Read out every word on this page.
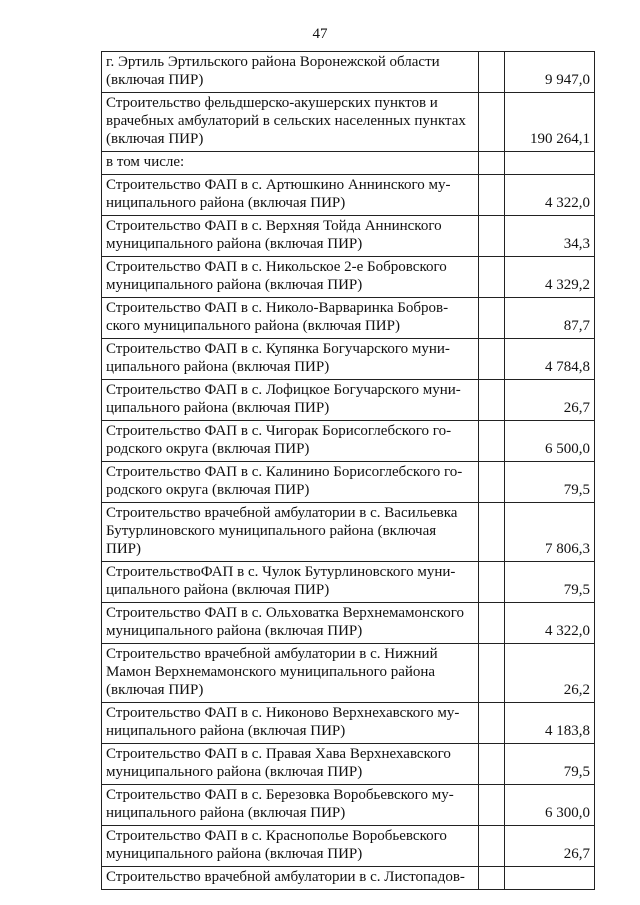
47
г. Эртиль Эртильского района Воронежской области
(включая ПИР)		9 947,0

Строительство фельдшерско-акушерских пунктов и
врачебных амбулаторий в сельских населенных пунктах
(включая ПИР)		190 264,1

в том числе:		

Строительство ФАП в с. Артюшкино Аннинского му-
ниципального района (включая ПИР)		4 322,0

Строительство ФАП в с. Верхняя Тойда Аннинского
муниципального района (включая ПИР)		34,3

Строительство ФАП в с. Никольское 2-е Бобровского
муниципального района (включая ПИР)		4 329,2

Строительство ФАП в с. Николо-Варваринка Бобров-
ского муниципального района (включая ПИР)		87,7

Строительство ФАП в с. Купянка Богучарского муни-
ципального района (включая ПИР)		4 784,8

Строительство ФАП в с. Лофицкое Богучарского муни-
ципального района (включая ПИР)		26,7

Строительство ФАП в с. Чигорак Борисоглебского го-
родского округа (включая ПИР)		6 500,0

Строительство ФАП в с. Калинино Борисоглебского го-
родского округа (включая ПИР)		79,5

Строительство врачебной амбулатории в с. Васильевка
Бутурлиновского муниципального района (включая
ПИР)		7 806,3

СтроительствоФАП в с. Чулок Бутурлиновского муни-
ципального района (включая ПИР)		79,5

Строительство ФАП в с. Ольховатка Верхнемамонского
муниципального района (включая ПИР)		4 322,0

Строительство врачебной амбулатории в с. Нижний
Мамон Верхнемамонского муниципального района
(включая ПИР)		26,2

Строительство ФАП в с. Никоново Верхнехавского му-
ниципального района (включая ПИР)		4 183,8

Строительство ФАП в с. Правая Хава Верхнехавского
муниципального района (включая ПИР)		79,5

Строительство ФАП в с. Березовка Воробьевского му-
ниципального района (включая ПИР)		6 300,0

Строительство ФАП в с. Краснополье Воробьевского
муниципального района (включая ПИР)		26,7

Строительство врачебной амбулатории в с. Листопадов-		
